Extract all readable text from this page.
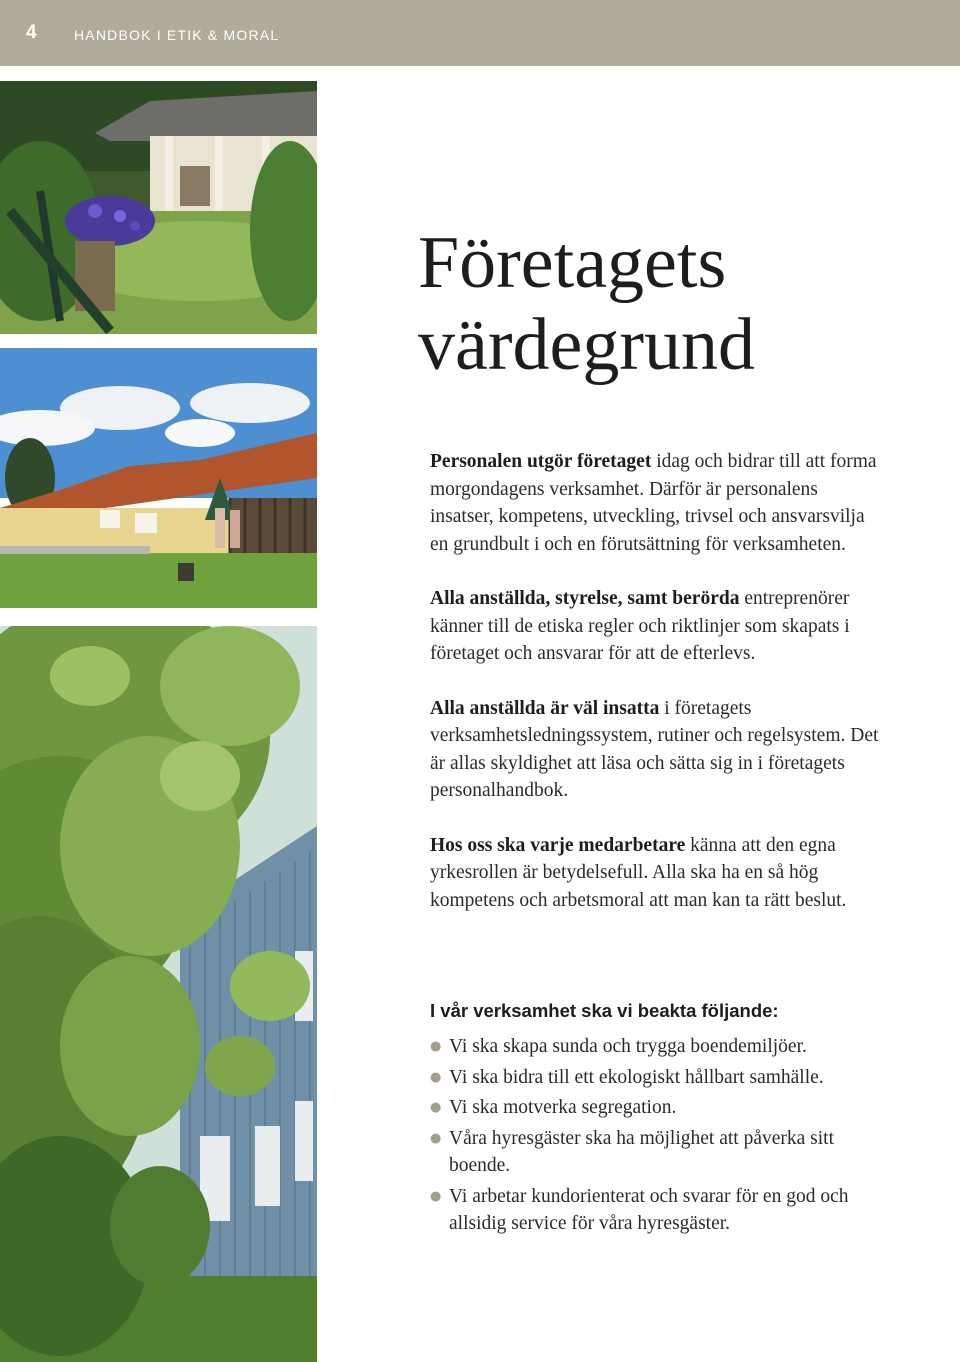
4	HANDBOK I ETIK & MORAL
Företagets
värdegrund

Personalen utgör företaget idag och bidrar till att forma morgondagens verksamhet. Därför är personalens insatser, kompetens, utveckling, trivsel och ansvarsvilja en grundbult i och en förutsättning för verksamheten.

Alla anställda, styrelse, samt berörda entreprenörer känner till de etiska regler och riktlinjer som skapats i företaget och ansvarar för att de efterlevs.

Alla anställda är väl insatta i företagets verksamhetsledningssystem, rutiner och regelsystem. Det är allas skyldighet att läsa och sätta sig in i företagets personalhandbok.

Hos oss ska varje medarbetare känna att den egna yrkesrollen är betydelsefull. Alla ska ha en så hög kompetens och arbetsmoral att man kan ta rätt beslut.

I vår verksamhet ska vi beakta följande:
● Vi ska skapa sunda och trygga boendemiljöer.
● Vi ska bidra till ett ekologiskt hållbart samhälle.
● Vi ska motverka segregation.
● Våra hyresgäster ska ha möjlighet att påverka sitt boende.
● Vi arbetar kundorienterat och svarar för en god och allsidig service för våra hyresgäster.
